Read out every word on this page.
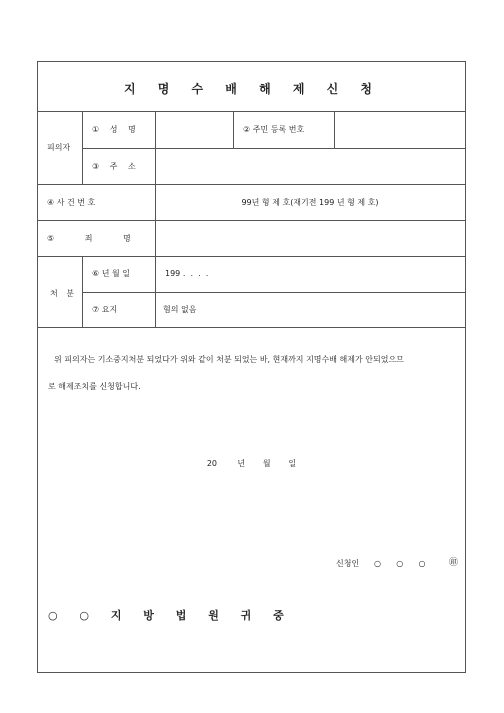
지 명 수 배 해 제 신 청
피의자
① 성 명	② 주민 등록 번호
③ 주 소
④ 사 건 번 호	99년 형 제 호(재기전 199 년 형 제 호)
⑤ 죄 명
처 분
⑥ 년 월 일	199 .  .  .  .
⑦ 요지	혐의 없음
위 피의자는 기소중지처분 되었다가 위와 같이 처분 되었는 바, 현재까지 지명수배 해제가 안되었으므
로 해제조치를 신청합니다.
20        년       월       일
신청인 ○      ○      ○	㊞
○ ○ 지 방 법 원 귀 중
